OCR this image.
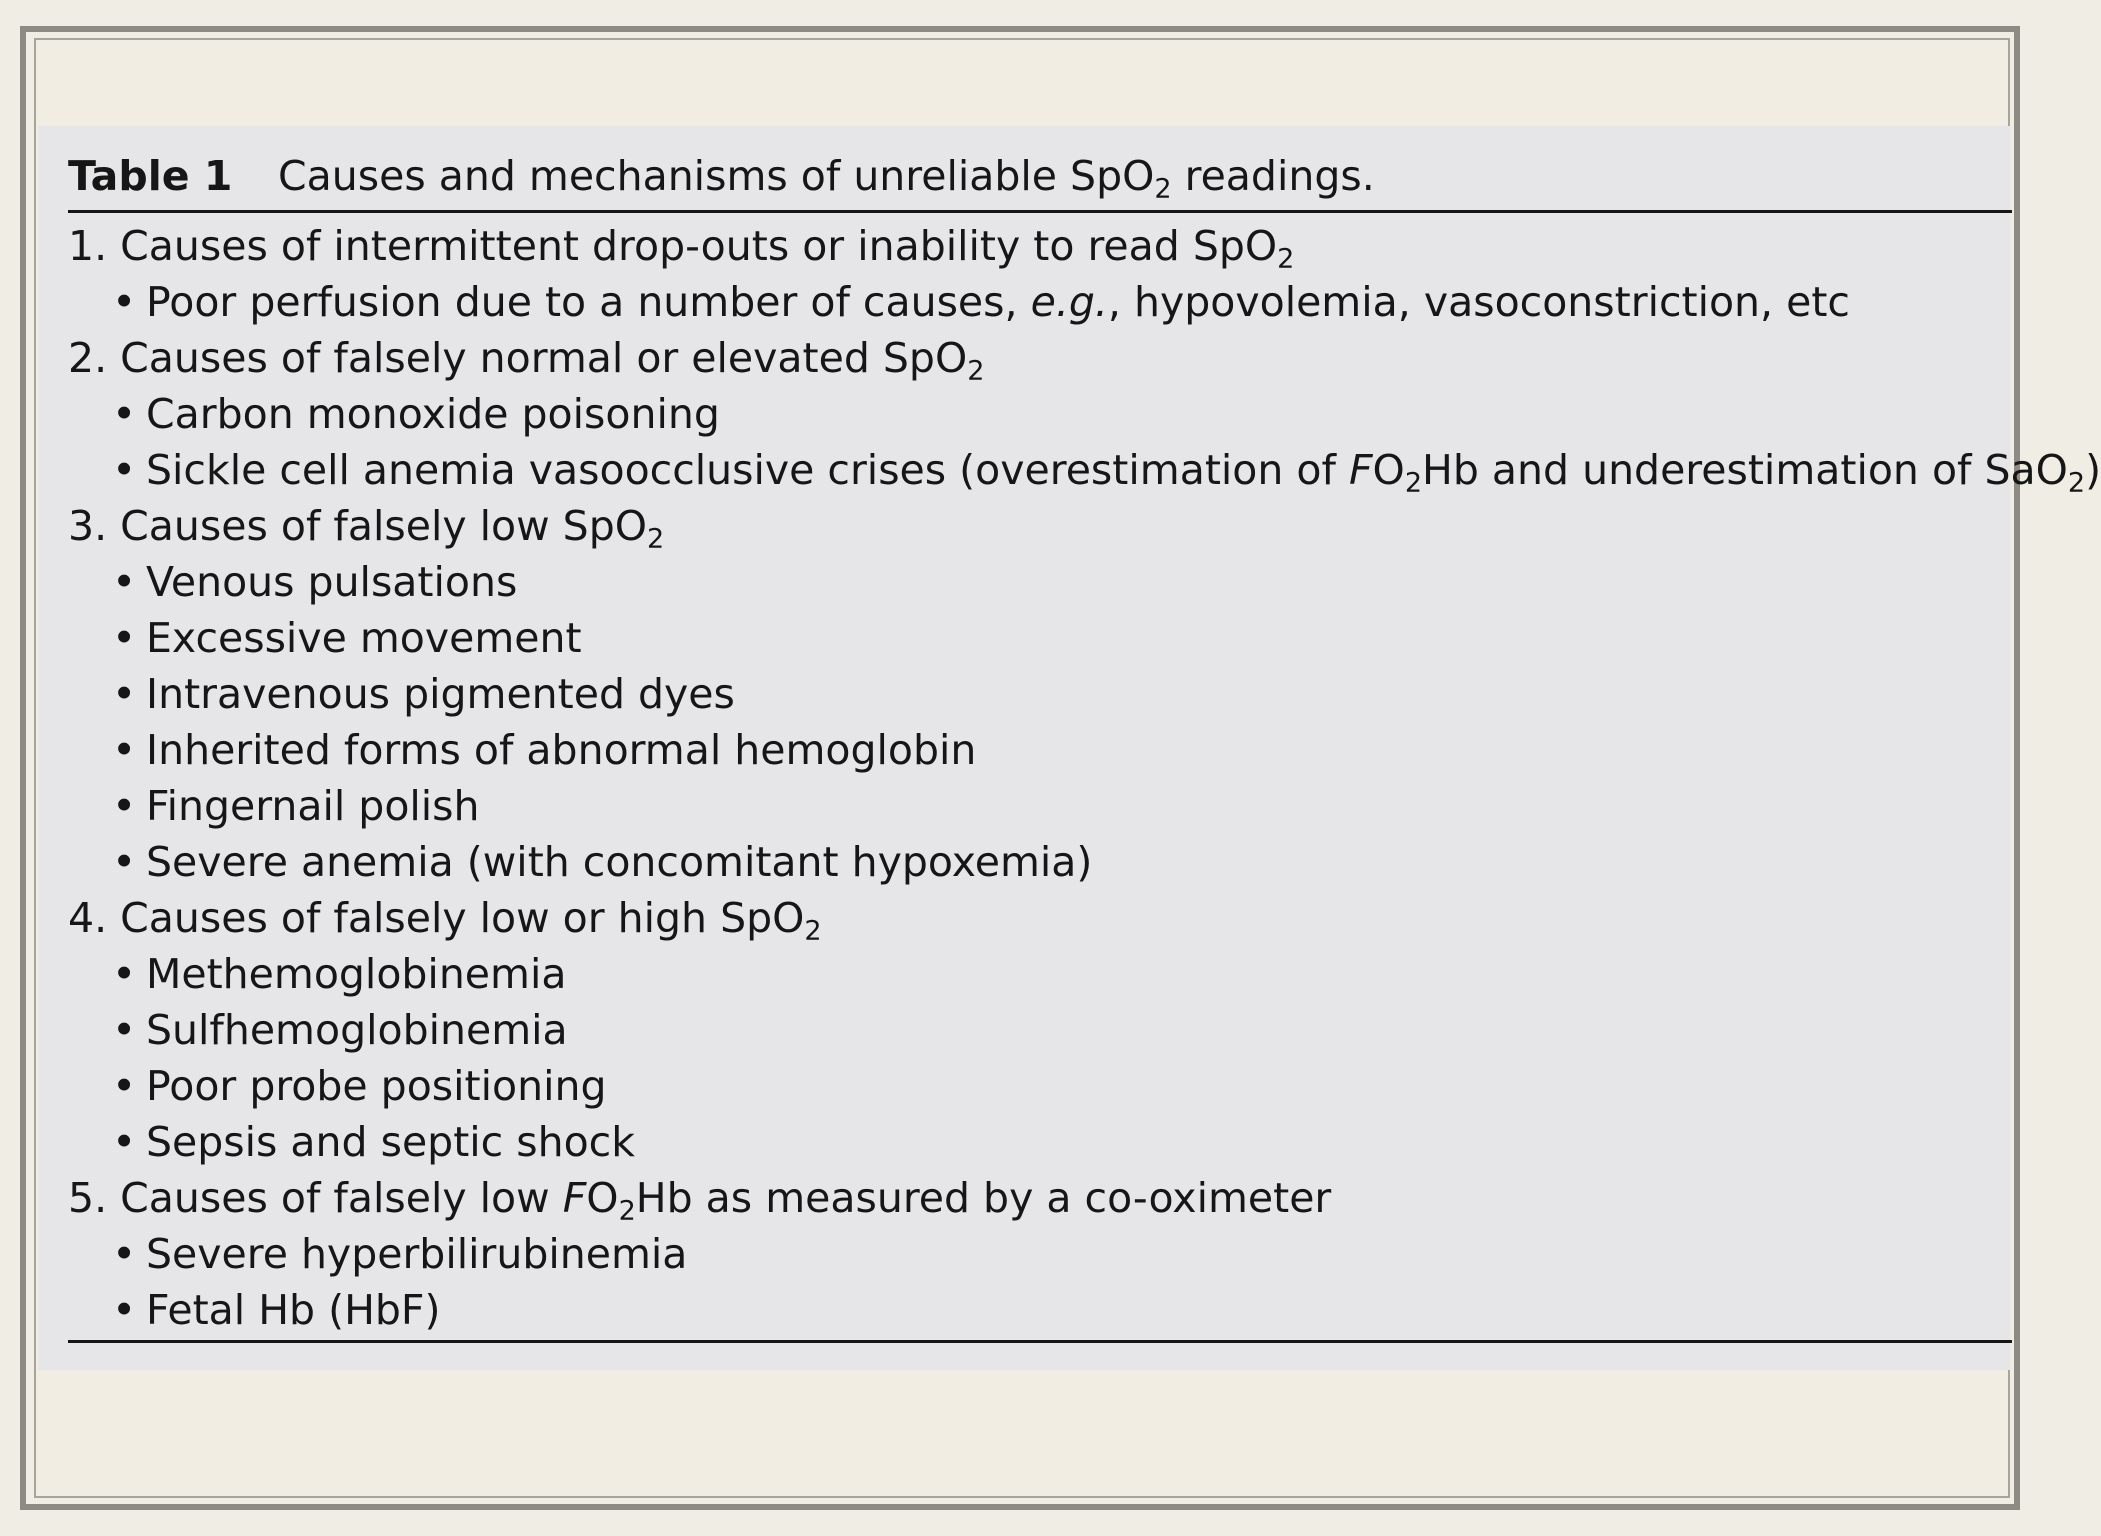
Table 1 Causes and mechanisms of unreliable SpO$_2$ readings.
1. Causes of intermittent drop-outs or inability to read SpO$_2$
• Poor perfusion due to a number of causes, e.g., hypovolemia, vasoconstriction, etc
2. Causes of falsely normal or elevated SpO$_2$
• Carbon monoxide poisoning
• Sickle cell anemia vasoocclusive crises (overestimation of $FO_2Hb$ and underestimation of SaO$_2$)
3. Causes of falsely low SpO$_2$
• Venous pulsations
• Excessive movement
• Intravenous pigmented dyes
• Inherited forms of abnormal hemoglobin
• Fingernail polish
• Severe anemia (with concomitant hypoxemia)
4. Causes of falsely low or high SpO$_2$
• Methemoglobinemia
• Sulfhemoglobinemia
• Poor probe positioning
• Sepsis and septic shock
5. Causes of falsely low $FO_2Hb$ as measured by a co-oximeter
• Severe hyperbilirubinemia
• Fetal Hb (HbF)
